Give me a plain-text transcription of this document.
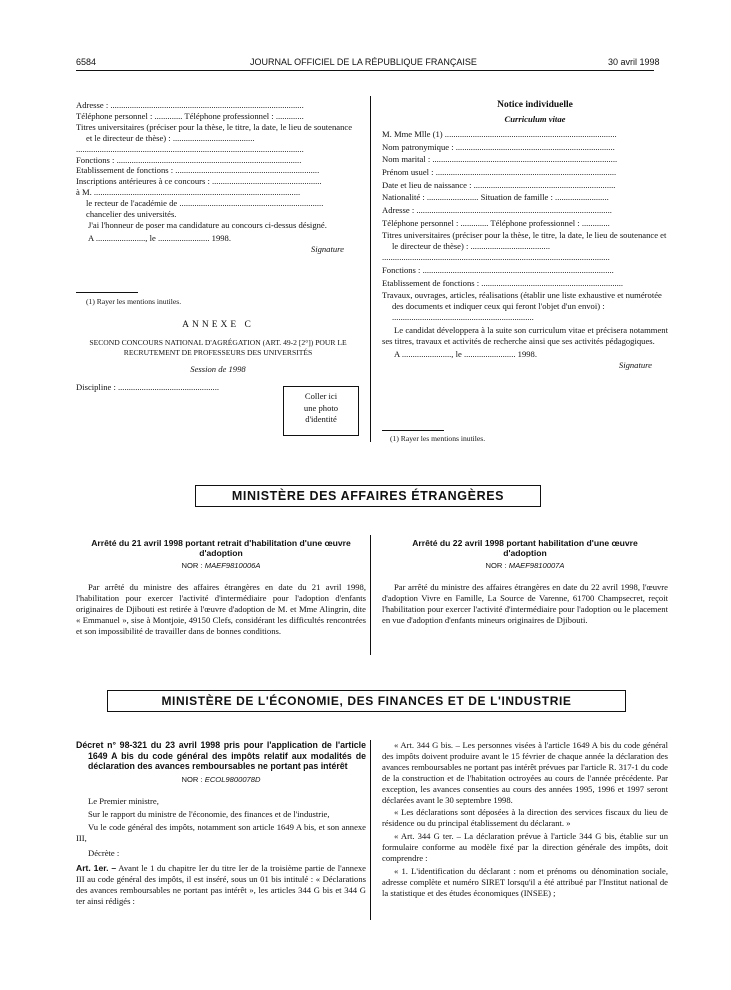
6584	JOURNAL OFFICIEL DE LA RÉPUBLIQUE FRANÇAISE	30 avril 1998

Adresse : ..........................................................................................

Téléphone personnel : ............. Téléphone professionnel : .............

Titres universitaires (préciser pour la thèse, le titre, la date, le lieu de soutenance et le directeur de thèse) : ......................................

..........................................................................................................

Fonctions : ......................................................................................

Etablissement de fonctions : ...................................................................

Inscriptions antérieures à ce concours : ...................................................

à M. ................................................................................................

le recteur de l'académie de ...................................................................

chancelier des universités.

J'ai l'honneur de poser ma candidature au concours ci-dessus désigné.

A ......................., le ........................ 1998.

Signature

(1) Rayer les mentions inutiles.
ANNEXE C
SECOND CONCOURS NATIONAL D'AGRÉGATION (ART. 49-2 [2°]) POUR LE RECRUTEMENT DE PROFESSEURS DES UNIVERSITÉS
Session de 1998
Discipline : ...............................................
Coller ici
une photo
d'identité

Notice individuelle

Curriculum vitae

M. Mme Mlle (1) ................................................................................

Nom patronymique : ..........................................................................

Nom marital : ......................................................................................

Prénom usuel : ....................................................................................

Date et lieu de naissance : ..................................................................

Nationalité : ........................ Situation de famille : .........................

Adresse : ...........................................................................................

Téléphone personnel : ............. Téléphone professionnel : .............

Titres universitaires (préciser pour la thèse, le titre, la date, le lieu de soutenance et le directeur de thèse) : .....................................

..........................................................................................................

Fonctions : .........................................................................................

Etablissement de fonctions : ..................................................................

Travaux, ouvrages, articles, réalisations (établir une liste exhaustive et numérotée des documents et indiquer ceux qui feront l'objet d'un envoi) : ..................................................................

Le candidat développera à la suite son curriculum vitae et précisera notamment ses titres, travaux et activités de recherche ainsi que ses activités pédagogiques.

A ......................., le ........................ 1998.

Signature

(1) Rayer les mentions inutiles.
MINISTÈRE DES AFFAIRES ÉTRANGÈRES

Arrêté du 21 avril 1998 portant retrait d'habilitation d'une œuvre d'adoption

NOR : MAEF9810006A

Par arrêté du ministre des affaires étrangères en date du 21 avril 1998, l'habilitation pour exercer l'activité d'intermédiaire pour l'adoption d'enfants originaires de Djibouti est retirée à l'œuvre d'adoption de M. et Mme Alingrin, dite « Emmanuel », sise à Montjoie, 49150 Clefs, considérant les difficultés rencontrées et son impossibilité de travailler dans de bonnes conditions.

Arrêté du 22 avril 1998 portant habilitation d'une œuvre d'adoption

NOR : MAEF9810007A

Par arrêté du ministre des affaires étrangères en date du 22 avril 1998, l'œuvre d'adoption Vivre en Famille, La Source de Varenne, 61700 Champsecret, reçoit l'habilitation pour exercer l'activité d'intermédiaire pour l'adoption ou le placement en vue d'adoption d'enfants mineurs originaires de Djibouti.

MINISTÈRE DE L'ÉCONOMIE, DES FINANCES ET DE L'INDUSTRIE

Décret n° 98-321 du 23 avril 1998 pris pour l'application de l'article 1649 A bis du code général des impôts relatif aux modalités de déclaration des avances remboursables ne portant pas intérêt

NOR : ECOL9800078D

Le Premier ministre,

Sur le rapport du ministre de l'économie, des finances et de l'industrie,

Vu le code général des impôts, notamment son article 1649 A bis, et son annexe III,

Décrète :

Art. 1er. – Avant le 1 du chapitre Ier du titre Ier de la troisième partie de l'annexe III au code général des impôts, il est inséré, sous un 01 bis intitulé : « Déclarations des avances remboursables ne portant pas intérêt », les articles 344 G bis et 344 G ter ainsi rédigés :

« Art. 344 G bis. – Les personnes visées à l'article 1649 A bis du code général des impôts doivent produire avant le 15 février de chaque année la déclaration des avances remboursables ne portant pas intérêt prévues par l'article R. 317-1 du code de la construction et de l'habitation octroyées au cours de l'année précédente. Par exception, les avances consenties au cours des années 1995, 1996 et 1997 seront déclarées avant le 30 septembre 1998.

« Les déclarations sont déposées à la direction des services fiscaux du lieu de résidence ou du principal établissement du déclarant. »

« Art. 344 G ter. – La déclaration prévue à l'article 344 G bis, établie sur un formulaire conforme au modèle fixé par la direction générale des impôts, doit comprendre :

« 1. L'identification du déclarant : nom et prénoms ou dénomination sociale, adresse complète et numéro SIRET lorsqu'il a été attribué par l'Institut national de la statistique et des études économiques (INSEE) ;
